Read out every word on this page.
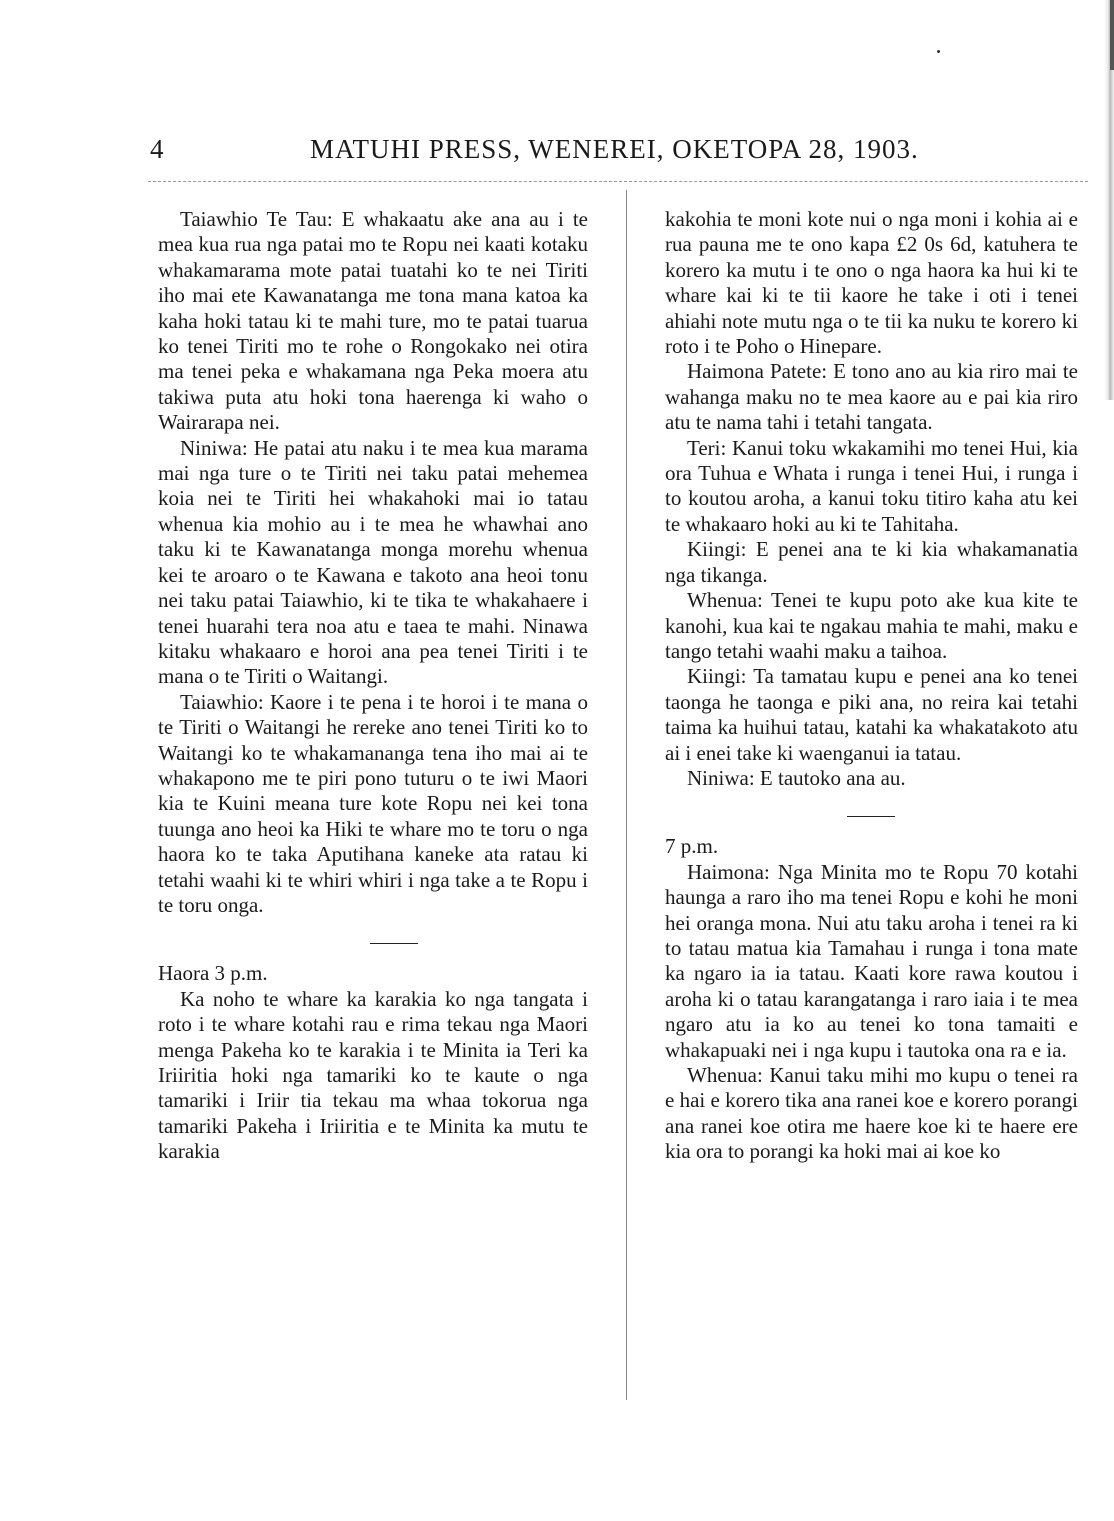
4	MATUHI PRESS, WENEREI, OKETOPA 28, 1903.

Taiawhio Te Tau: E whakaatu ake ana au i te mea kua rua nga patai mo te Ropu nei kaati kotaku whakamarama mote patai tuatahi ko te nei Tiriti iho mai ete Kawanatanga me tona mana katoa ka kaha hoki tatau ki te mahi ture, mo te patai tuarua ko tenei Tiriti mo te rohe o Rongokako nei otira ma tenei peka e whakamana nga Peka moera atu takiwa puta atu hoki tona haerenga ki waho o Wairarapa nei.

Niniwa: He patai atu naku i te mea kua marama mai nga ture o te Tiriti nei taku patai mehemea koia nei te Tiriti hei whakahoki mai io tatau whenua kia mohio au i te mea he whawhai ano taku ki te Kawanatanga monga morehu whenua kei te aroaro o te Kawana e takoto ana heoi tonu nei taku patai Taiawhio, ki te tika te whakahaere i tenei huarahi tera noa atu e taea te mahi. Ninawa kitaku whakaaro e horoi ana pea tenei Tiriti i te mana o te Tiriti o Waitangi.

Taiawhio: Kaore i te pena i te horoi i te mana o te Tiriti o Waitangi he rereke ano tenei Tiriti ko to Waitangi ko te whakamananga tena iho mai ai te whakapono me te piri pono tuturu o te iwi Maori kia te Kuini meana ture kote Ropu nei kei tona tuunga ano heoi ka Hiki te whare mo te toru o nga haora ko te taka Aputihana kaneke ata ratau ki tetahi waahi ki te whiri whiri i nga take a te Ropu i te toru onga.

Haora 3 p.m.

Ka noho te whare ka karakia ko nga tangata i roto i te whare kotahi rau e rima tekau nga Maori menga Pakeha ko te karakia i te Minita ia Teri ka Iriiritia hoki nga tamariki ko te kaute o nga tamariki i Iriir tia tekau ma whaa tokorua nga tamariki Pakeha i Iriiritia e te Minita ka mutu te karakia

kakohia te moni kote nui o nga moni i kohia ai e rua pauna me te ono kapa £2 0s 6d, katuhera te korero ka mutu i te ono o nga haora ka hui ki te whare kai ki te tii kaore he take i oti i tenei ahiahi note mutu nga o te tii ka nuku te korero ki roto i te Poho o Hinepare.

Haimona Patete: E tono ano au kia riro mai te wahanga maku no te mea kaore au e pai kia riro atu te nama tahi i tetahi tangata.

Teri: Kanui toku wkakamihi mo tenei Hui, kia ora Tuhua e Whata i runga i tenei Hui, i runga i to koutou aroha, a kanui toku titiro kaha atu kei te whakaaro hoki au ki te Tahitaha.

Kiingi: E penei ana te ki kia whakamanatia nga tikanga.

Whenua: Tenei te kupu poto ake kua kite te kanohi, kua kai te ngakau mahia te mahi, maku e tango tetahi waahi maku a taihoa.

Kiingi: Ta tamatau kupu e penei ana ko tenei taonga he taonga e piki ana, no reira kai tetahi taima ka huihui tatau, katahi ka whakatakoto atu ai i enei take ki waenganui ia tatau.

Niniwa: E tautoko ana au.

7 p.m.

Haimona: Nga Minita mo te Ropu 70 kotahi haunga a raro iho ma tenei Ropu e kohi he moni hei oranga mona. Nui atu taku aroha i tenei ra ki to tatau matua kia Tamahau i runga i tona mate ka ngaro ia ia tatau. Kaati kore rawa koutou i aroha ki o tatau karangatanga i raro iaia i te mea ngaro atu ia ko au tenei ko tona tamaiti e whakapuaki nei i nga kupu i tautoka ona ra e ia.

Whenua: Kanui taku mihi mo kupu o tenei ra e hai e korero tika ana ranei koe e korero porangi ana ranei koe otira me haere koe ki te haere ere kia ora to porangi ka hoki mai ai koe ko
